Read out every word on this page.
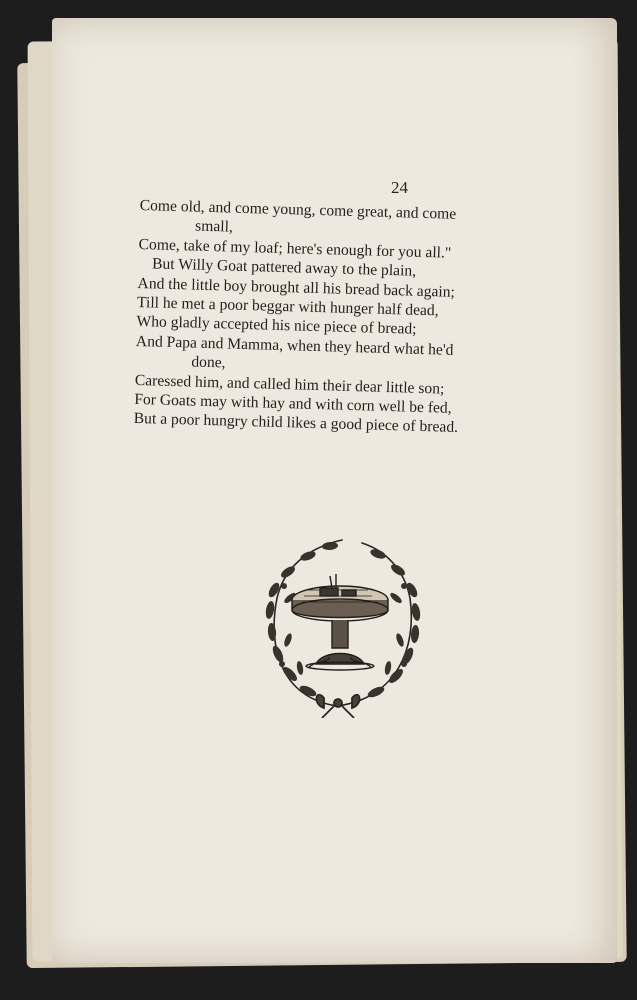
24
Come old, and come young, come great, and come
small,
Come, take of my loaf; here's enough for you all."
But Willy Goat pattered away to the plain,
And the little boy brought all his bread back again;
Till he met a poor beggar with hunger half dead,
Who gladly accepted his nice piece of bread;
And Papa and Mamma, when they heard what he'd
done,
Caressed him, and called him their dear little son;
For Goats may with hay and with corn well be fed,
But a poor hungry child likes a good piece of bread.
